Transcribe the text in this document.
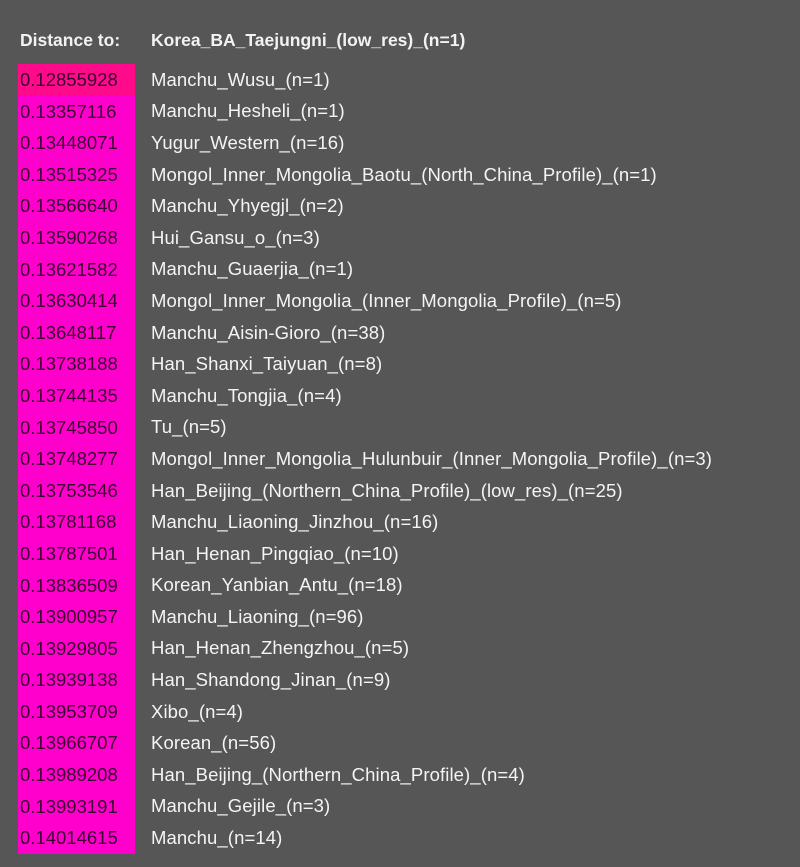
Distance to:	Korea_BA_Taejungni_(low_res)_(n=1)
0.12855928	Manchu_Wusu_(n=1)
0.13357116	Manchu_Hesheli_(n=1)
0.13448071	Yugur_Western_(n=16)
0.13515325	Mongol_Inner_Mongolia_Baotu_(North_China_Profile)_(n=1)
0.13566640	Manchu_Yhyegjl_(n=2)
0.13590268	Hui_Gansu_o_(n=3)
0.13621582	Manchu_Guaerjia_(n=1)
0.13630414	Mongol_Inner_Mongolia_(Inner_Mongolia_Profile)_(n=5)
0.13648117	Manchu_Aisin-Gioro_(n=38)
0.13738188	Han_Shanxi_Taiyuan_(n=8)
0.13744135	Manchu_Tongjia_(n=4)
0.13745850	Tu_(n=5)
0.13748277	Mongol_Inner_Mongolia_Hulunbuir_(Inner_Mongolia_Profile)_(n=3)
0.13753546	Han_Beijing_(Northern_China_Profile)_(low_res)_(n=25)
0.13781168	Manchu_Liaoning_Jinzhou_(n=16)
0.13787501	Han_Henan_Pingqiao_(n=10)
0.13836509	Korean_Yanbian_Antu_(n=18)
0.13900957	Manchu_Liaoning_(n=96)
0.13929805	Han_Henan_Zhengzhou_(n=5)
0.13939138	Han_Shandong_Jinan_(n=9)
0.13953709	Xibo_(n=4)
0.13966707	Korean_(n=56)
0.13989208	Han_Beijing_(Northern_China_Profile)_(n=4)
0.13993191	Manchu_Gejile_(n=3)
0.14014615	Manchu_(n=14)
